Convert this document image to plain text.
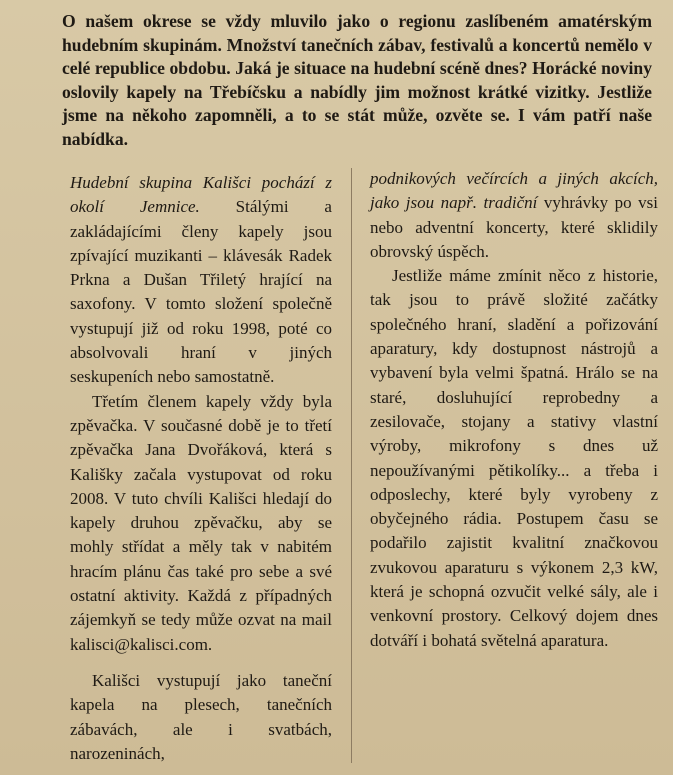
O našem okrese se vždy mluvilo jako o regionu zaslíbeném amatérským hudebním skupinám. Množství tanečních zábav, festivalů a koncertů nemělo v celé republice obdobu. Jaká je situace na hudební scéně dnes? Horácké noviny oslovily kapely na Třebíčsku a nabídly jim možnost krátké vizitky. Jestliže jsme na někoho zapomněli, a to se stát může, ozvěte se. I vám patří naše nabídka.

Hudební skupina Kališci pochází z okolí Jemnice. Stálými a zakládajícími členy kapely jsou zpívající muzikanti – klávesák Radek Prkna a Dušan Třiletý hrající na saxofony. V tomto složení společně vystupují již od roku 1998, poté co absolvovali hraní v jiných seskupeních nebo samostatně.

Třetím členem kapely vždy byla zpěvačka. V současné době je to třetí zpěvačka Jana Dvořáková, která s Kališky začala vystupovat od roku 2008. V tuto chvíli Kališci hledají do kapely druhou zpěvačku, aby se mohly střídat a měly tak v nabitém hracím plánu čas také pro sebe a své ostatní aktivity. Každá z případných zájemkyň se tedy může ozvat na mail kalisci@kalisci.com.

Kališci vystupují jako taneční kapela na plesech, tanečních zábavách, ale i svatbách, narozeninách,

podnikových večírcích a jiných akcích, jako jsou např. tradiční vyhrávky po vsi nebo adventní koncerty, které sklidily obrovský úspěch.

Jestliže máme zmínit něco z historie, tak jsou to právě složité začátky společného hraní, sladění a pořizování aparatury, kdy dostupnost nástrojů a vybavení byla velmi špatná. Hrálo se na staré, dosluhující reprobedny a zesilovače, stojany a stativy vlastní výroby, mikrofony s dnes už nepoužívanými pětikolíky... a třeba i odposlechy, které byly vyrobeny z obyčejného rádia. Postupem času se podařilo zajistit kvalitní značkovou zvukovou aparaturu s výkonem 2,3 kW, která je schopná ozvučit velké sály, ale i venkovní prostory. Celkový dojem dnes dotváří i bohatá světelná aparatura.
